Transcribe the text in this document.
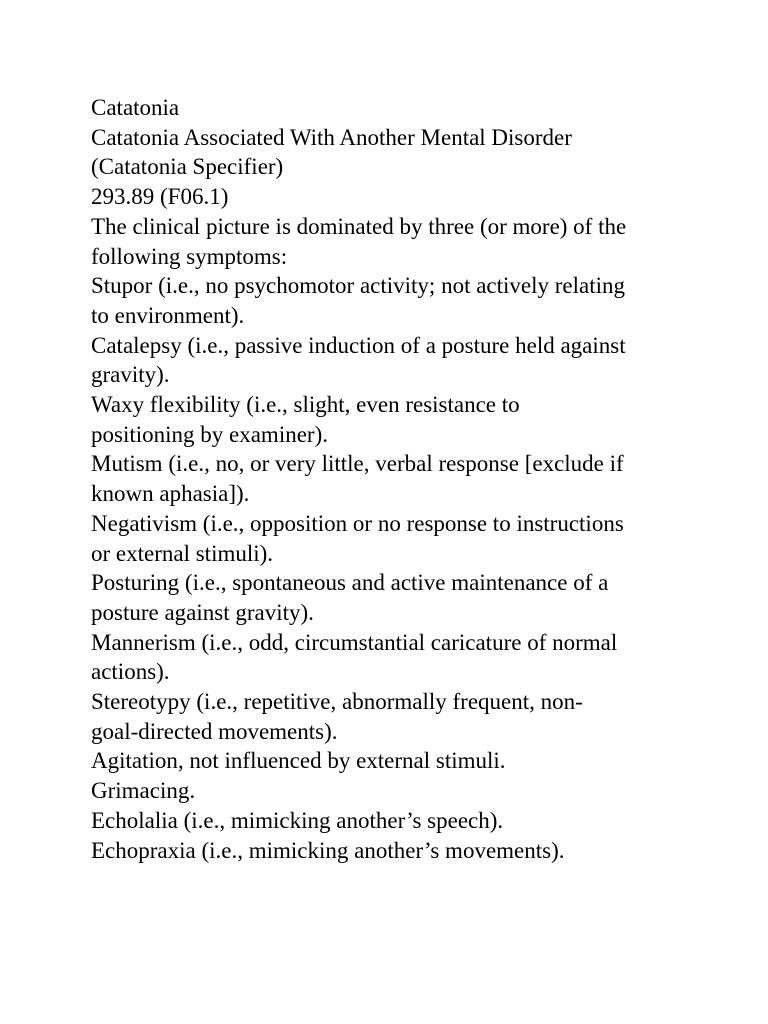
Catatonia
Catatonia Associated With Another Mental Disorder
(Catatonia Specifier)
293.89 (F06.1)
The clinical picture is dominated by three (or more) of the
following symptoms:
Stupor (i.e., no psychomotor activity; not actively relating
to environment).
Catalepsy (i.e., passive induction of a posture held against
gravity).
Waxy flexibility (i.e., slight, even resistance to
positioning by examiner).
Mutism (i.e., no, or very little, verbal response [exclude if
known aphasia]).
Negativism (i.e., opposition or no response to instructions
or external stimuli).
Posturing (i.e., spontaneous and active maintenance of a
posture against gravity).
Mannerism (i.e., odd, circumstantial caricature of normal
actions).
Stereotypy (i.e., repetitive, abnormally frequent, non-
goal-directed movements).
Agitation, not influenced by external stimuli.
Grimacing.
Echolalia (i.e., mimicking another’s speech).
Echopraxia (i.e., mimicking another’s movements).
